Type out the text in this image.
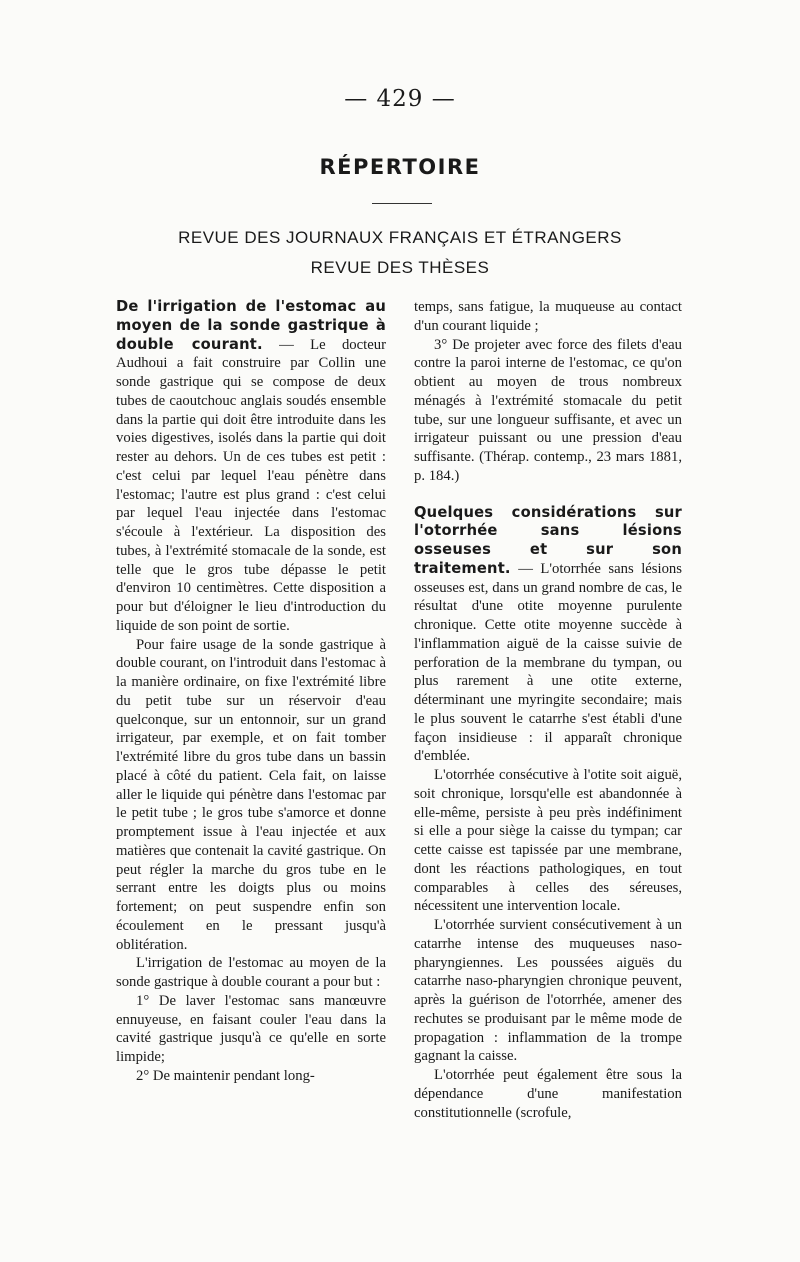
— 429 —
RÉPERTOIRE
REVUE DES JOURNAUX FRANÇAIS ET ÉTRANGERS
REVUE DES THÈSES

De l'irrigation de l'estomac au moyen de la sonde gastrique à double courant. — Le docteur Audhoui a fait construire par Collin une sonde gastrique qui se compose de deux tubes de caoutchouc anglais soudés ensemble dans la partie qui doit être introduite dans les voies digestives, isolés dans la partie qui doit rester au dehors. Un de ces tubes est petit : c'est celui par lequel l'eau pénètre dans l'estomac; l'autre est plus grand : c'est celui par lequel l'eau injectée dans l'estomac s'écoule à l'extérieur. La disposition des tubes, à l'extrémité stomacale de la sonde, est telle que le gros tube dépasse le petit d'environ 10 centimètres. Cette disposition a pour but d'éloigner le lieu d'introduction du liquide de son point de sortie.

Pour faire usage de la sonde gastrique à double courant, on l'introduit dans l'estomac à la manière ordinaire, on fixe l'extrémité libre du petit tube sur un réservoir d'eau quelconque, sur un entonnoir, sur un grand irrigateur, par exemple, et on fait tomber l'extrémité libre du gros tube dans un bassin placé à côté du patient. Cela fait, on laisse aller le liquide qui pénètre dans l'estomac par le petit tube ; le gros tube s'amorce et donne promptement issue à l'eau injectée et aux matières que contenait la cavité gastrique. On peut régler la marche du gros tube en le serrant entre les doigts plus ou moins fortement; on peut suspendre enfin son écoulement en le pressant jusqu'à oblitération.

L'irrigation de l'estomac au moyen de la sonde gastrique à double courant a pour but :

1° De laver l'estomac sans manœuvre ennuyeuse, en faisant couler l'eau dans la cavité gastrique jusqu'à ce qu'elle en sorte limpide;

2° De maintenir pendant long-

temps, sans fatigue, la muqueuse au contact d'un courant liquide ;

3° De projeter avec force des filets d'eau contre la paroi interne de l'estomac, ce qu'on obtient au moyen de trous nombreux ménagés à l'extrémité stomacale du petit tube, sur une longueur suffisante, et avec un irrigateur puissant ou une pression d'eau suffisante. (Thérap. contemp., 23 mars 1881, p. 184.)

Quelques considérations sur l'otorrhée sans lésions osseuses et sur son traitement. — L'otorrhée sans lésions osseuses est, dans un grand nombre de cas, le résultat d'une otite moyenne purulente chronique. Cette otite moyenne succède à l'inflammation aiguë de la caisse suivie de perforation de la membrane du tympan, ou plus rarement à une otite externe, déterminant une myringite secondaire; mais le plus souvent le catarrhe s'est établi d'une façon insidieuse : il apparaît chronique d'emblée.

L'otorrhée consécutive à l'otite soit aiguë, soit chronique, lorsqu'elle est abandonnée à elle-même, persiste à peu près indéfiniment si elle a pour siège la caisse du tympan; car cette caisse est tapissée par une membrane, dont les réactions pathologiques, en tout comparables à celles des séreuses, nécessitent une intervention locale.

L'otorrhée survient consécutivement à un catarrhe intense des muqueuses naso-pharyngiennes. Les poussées aiguës du catarrhe naso-pharyngien chronique peuvent, après la guérison de l'otorrhée, amener des rechutes se produisant par le même mode de propagation : inflammation de la trompe gagnant la caisse.

L'otorrhée peut également être sous la dépendance d'une manifestation constitutionnelle (scrofule,
